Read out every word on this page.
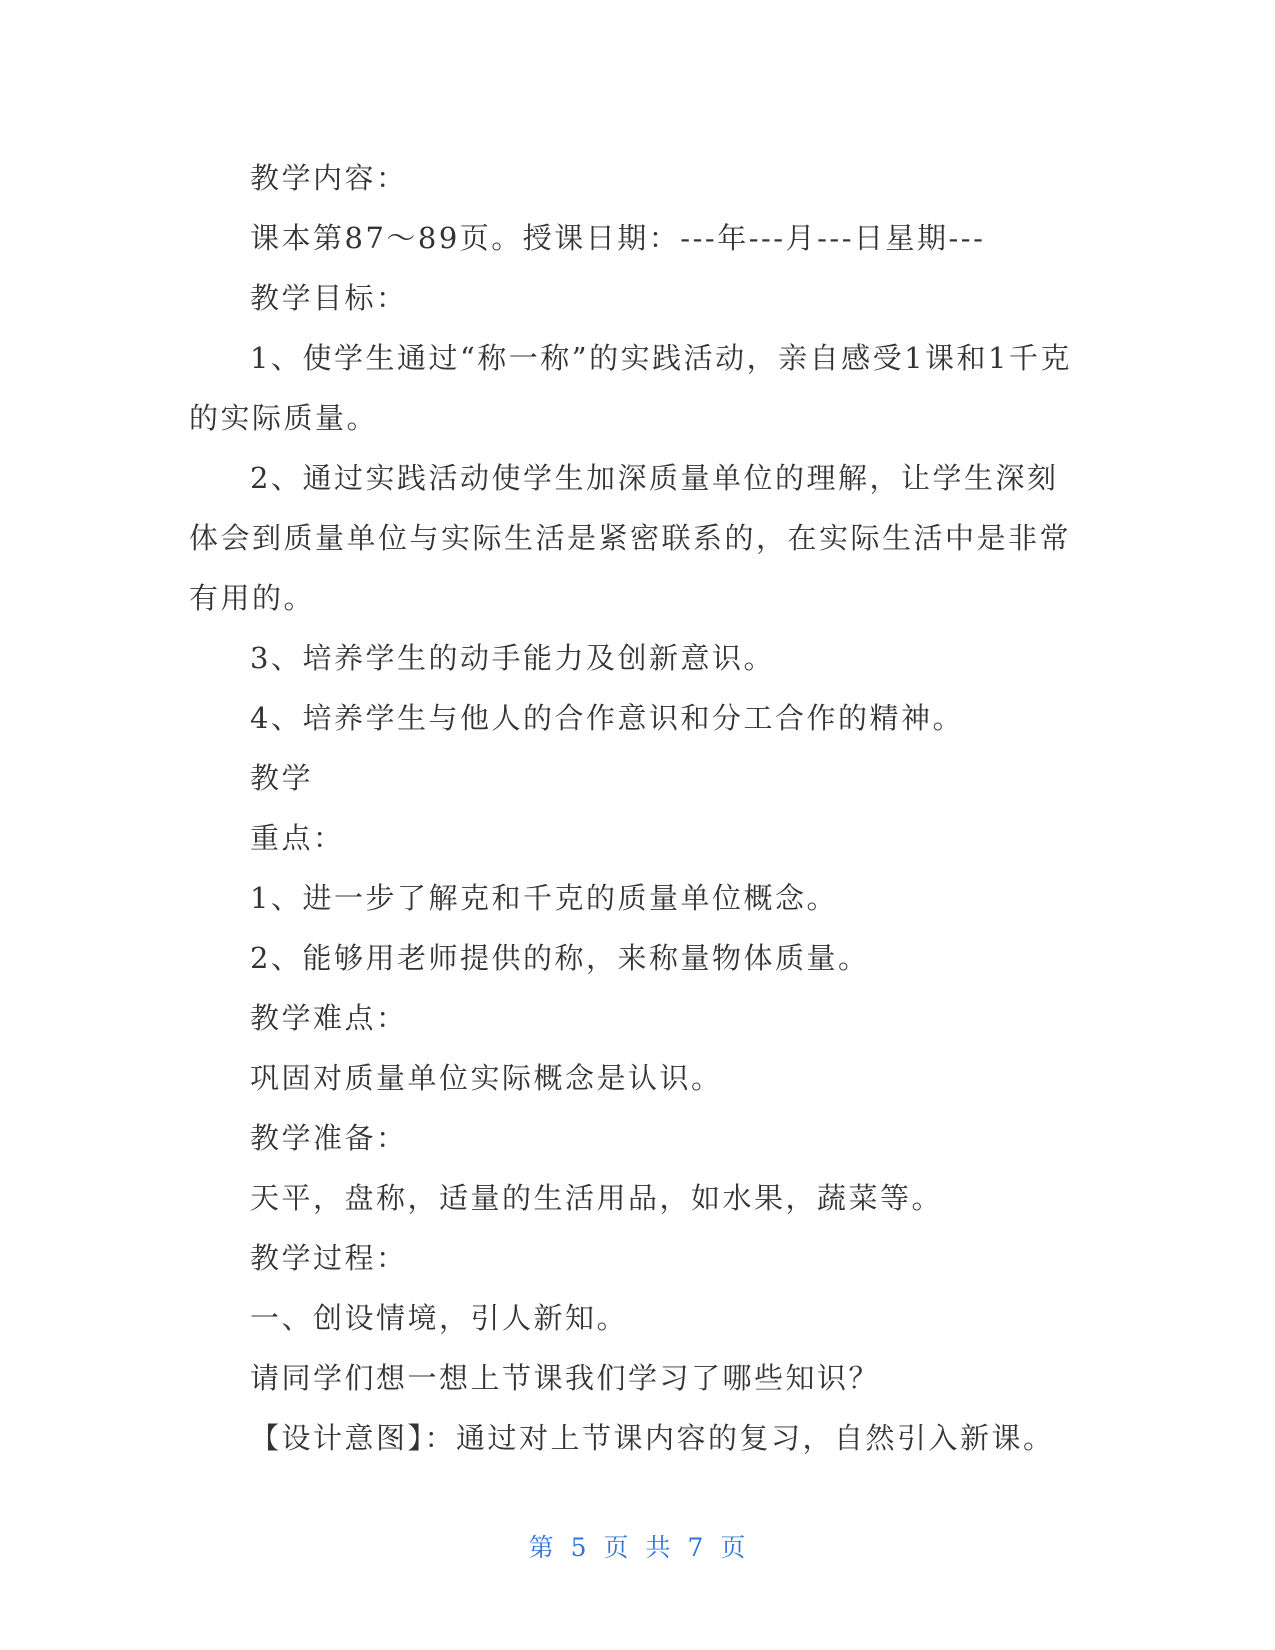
教学内容：

课本第87～89页。授课日期：---年---月---日星期---

教学目标：

1、使学生通过“称一称”的实践活动，亲自感受1课和1千克的实际质量。

2、通过实践活动使学生加深质量单位的理解，让学生深刻体会到质量单位与实际生活是紧密联系的，在实际生活中是非常有用的。

3、培养学生的动手能力及创新意识。

4、培养学生与他人的合作意识和分工合作的精神。

教学

重点：

1、进一步了解克和千克的质量单位概念。

2、能够用老师提供的称，来称量物体质量。

教学难点：

巩固对质量单位实际概念是认识。

教学准备：

天平，盘称，适量的生活用品，如水果，蔬菜等。

教学过程：

一、创设情境，引人新知。

请同学们想一想上节课我们学习了哪些知识？

【设计意图】：通过对上节课内容的复习，自然引入新课。

第 5 页 共 7 页
